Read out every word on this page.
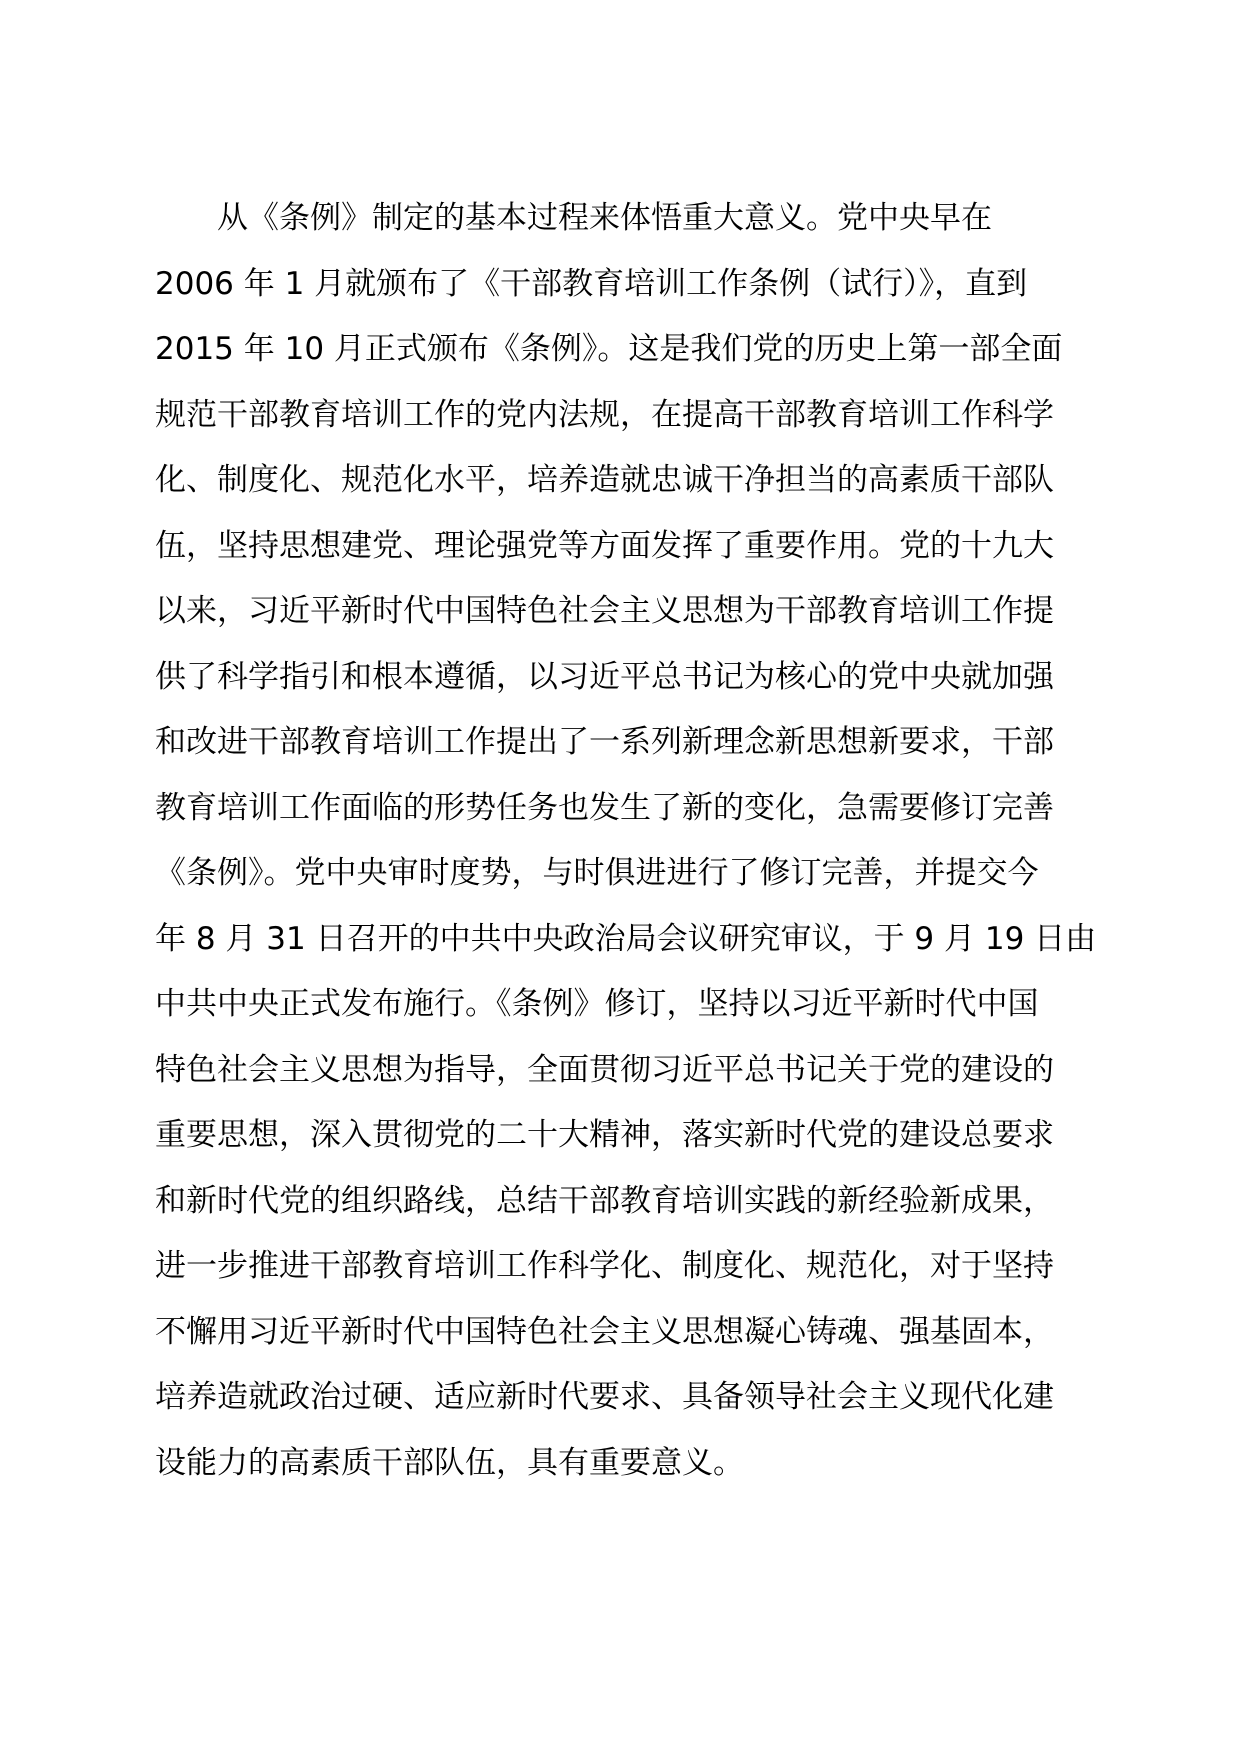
　　从《条例》制定的基本过程来体悟重大意义。党中央早在
2006 年 1 月就颁布了《干部教育培训工作条例（试行）》，直到
2015 年 10 月正式颁布《条例》。这是我们党的历史上第一部全面
规范干部教育培训工作的党内法规，在提高干部教育培训工作科学
化、制度化、规范化水平，培养造就忠诚干净担当的高素质干部队
伍，坚持思想建党、理论强党等方面发挥了重要作用。党的十九大
以来，习近平新时代中国特色社会主义思想为干部教育培训工作提
供了科学指引和根本遵循，以习近平总书记为核心的党中央就加强
和改进干部教育培训工作提出了一系列新理念新思想新要求，干部
教育培训工作面临的形势任务也发生了新的变化，急需要修订完善
《条例》。党中央审时度势，与时俱进进行了修订完善，并提交今
年 8 月 31 日召开的中共中央政治局会议研究审议，于 9 月 19 日由
中共中央正式发布施行。《条例》修订，坚持以习近平新时代中国
特色社会主义思想为指导，全面贯彻习近平总书记关于党的建设的
重要思想，深入贯彻党的二十大精神，落实新时代党的建设总要求
和新时代党的组织路线，总结干部教育培训实践的新经验新成果，
进一步推进干部教育培训工作科学化、制度化、规范化，对于坚持
不懈用习近平新时代中国特色社会主义思想凝心铸魂、强基固本，
培养造就政治过硬、适应新时代要求、具备领导社会主义现代化建
设能力的高素质干部队伍，具有重要意义。
